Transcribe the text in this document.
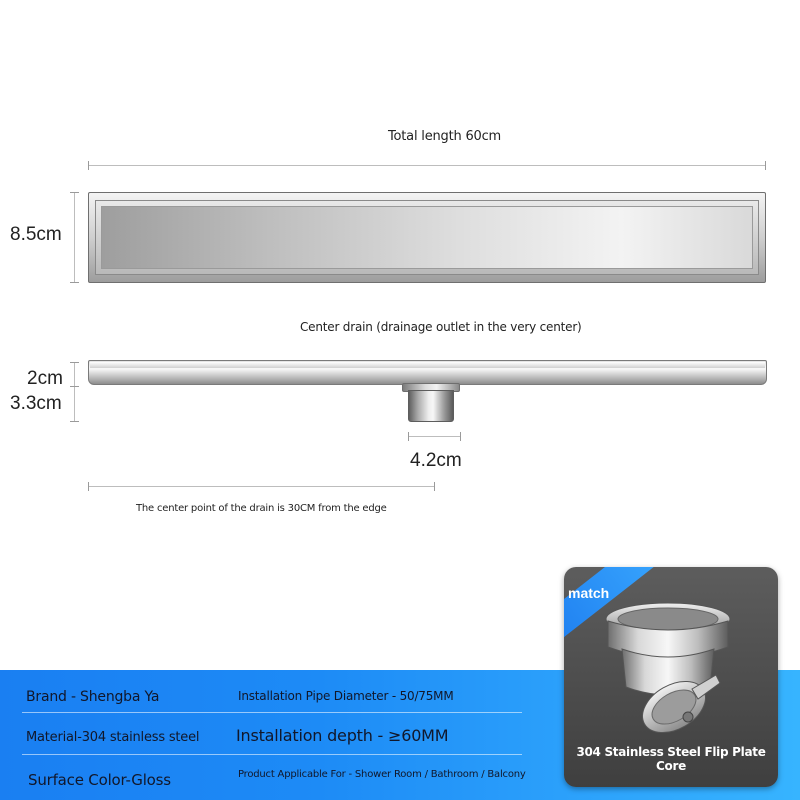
Total length 60cm
8.5cm
Center drain (drainage outlet in the very center)
2cm
3.3cm
4.2cm
The center point of the drain is 30CM from the edge
Brand - Shengba Ya
Material-304 stainless steel
Surface Color-Gloss
Installation Pipe Diameter - 50/75MM
Installation depth - ≥60MM
Product Applicable For - Shower Room / Bathroom / Balcony
match
304 Stainless Steel Flip Plate Core
